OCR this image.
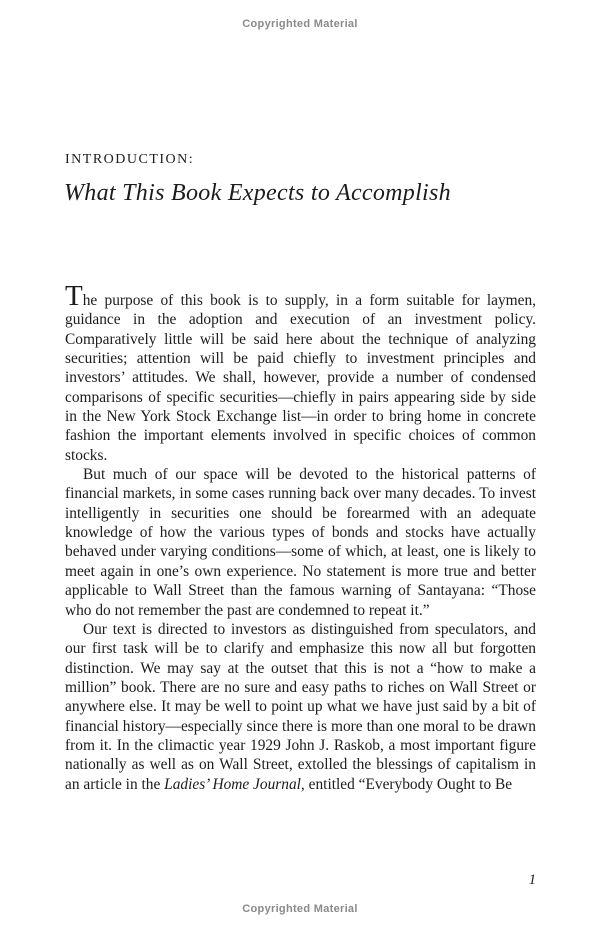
Copyrighted Material
INTRODUCTION:
What This Book Expects to Accomplish

The purpose of this book is to supply, in a form suitable for laymen, guidance in the adoption and execution of an investment policy. Comparatively little will be said here about the technique of analyzing securities; attention will be paid chiefly to investment principles and investors’ attitudes. We shall, however, provide a number of condensed comparisons of specific securities—chiefly in pairs appearing side by side in the New York Stock Exchange list—in order to bring home in concrete fashion the important elements involved in specific choices of common stocks.

But much of our space will be devoted to the historical patterns of financial markets, in some cases running back over many decades. To invest intelligently in securities one should be forearmed with an adequate knowledge of how the various types of bonds and stocks have actually behaved under varying conditions—some of which, at least, one is likely to meet again in one’s own experience. No statement is more true and better applicable to Wall Street than the famous warning of Santayana: “Those who do not remember the past are condemned to repeat it.”

Our text is directed to investors as distinguished from speculators, and our first task will be to clarify and emphasize this now all but forgotten distinction. We may say at the outset that this is not a “how to make a million” book. There are no sure and easy paths to riches on Wall Street or anywhere else. It may be well to point up what we have just said by a bit of financial history—especially since there is more than one moral to be drawn from it. In the climactic year 1929 John J. Raskob, a most important figure nationally as well as on Wall Street, extolled the blessings of capitalism in an article in the Ladies’ Home Journal, entitled “Everybody Ought to Be

1
Copyrighted Material
